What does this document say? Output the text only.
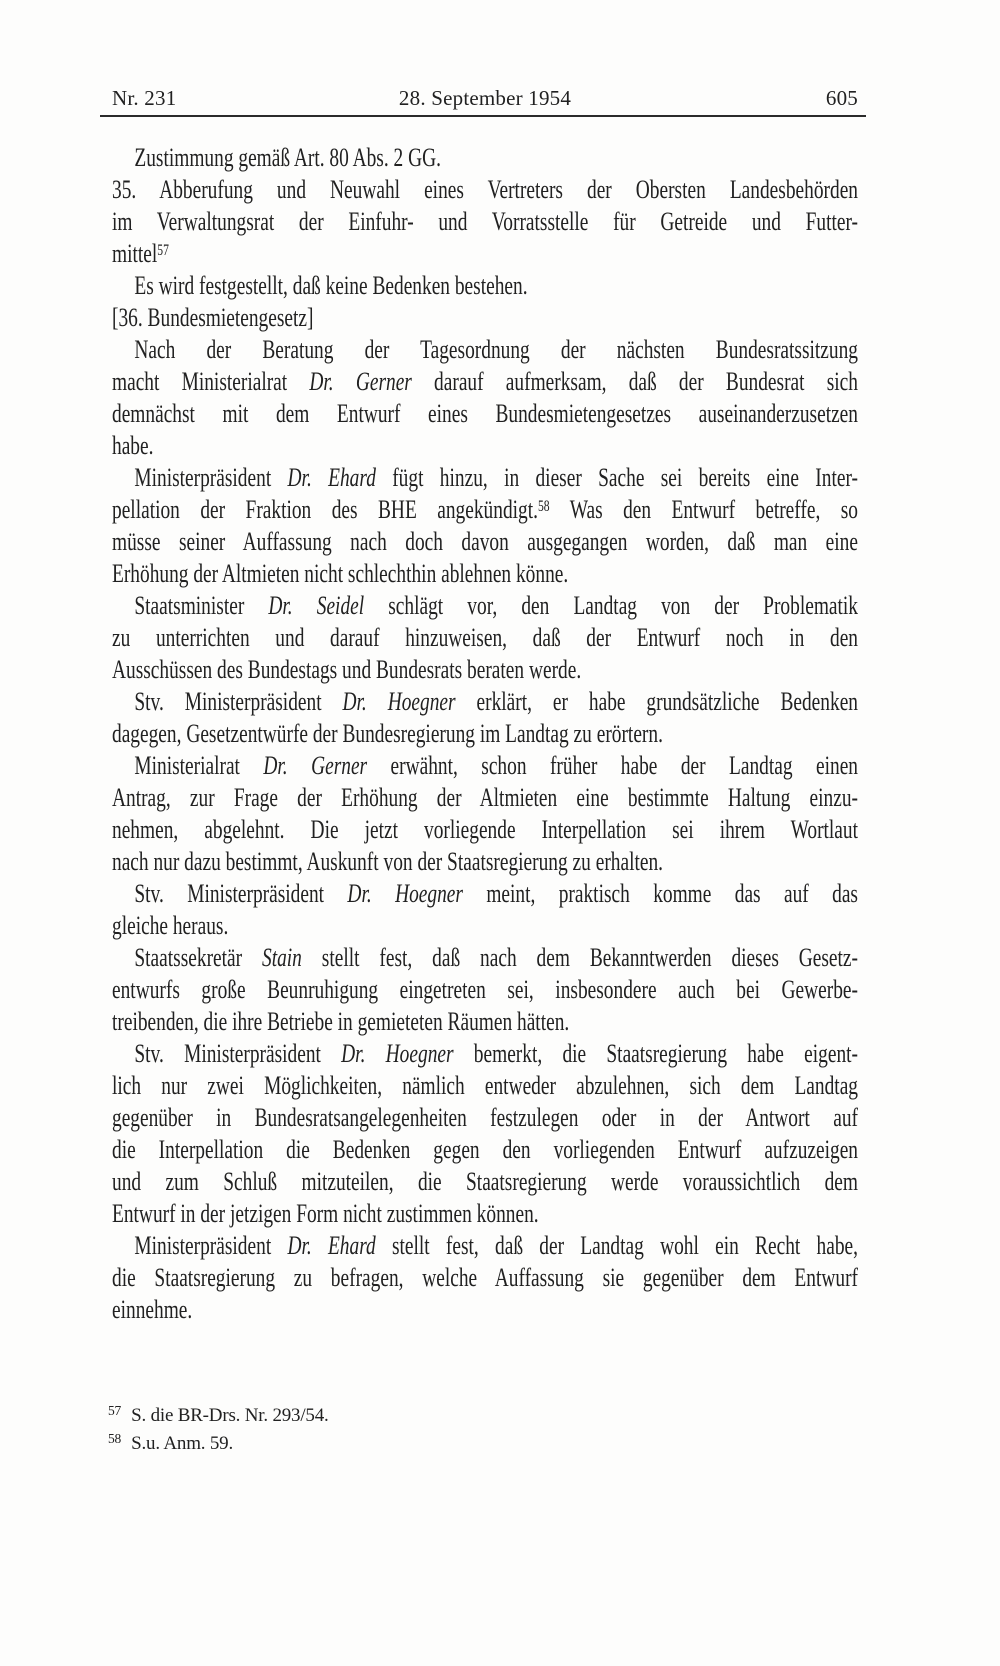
Nr. 231	28. September 1954	605
Zustimmung gemäß Art. 80 Abs. 2 GG.
35. Abberufung und Neuwahl eines Vertreters der Obersten Landesbehörden
im Verwaltungsrat der Einfuhr- und Vorratsstelle für Getreide und Futter-
mittel$^{57}$
Es wird festgestellt, daß keine Bedenken bestehen.
[36. Bundesmietengesetz]
Nach der Beratung der Tagesordnung der nächsten Bundesratssitzung
macht Ministerialrat Dr. Gerner darauf aufmerksam, daß der Bundesrat sich
demnächst mit dem Entwurf eines Bundesmietengesetzes auseinanderzusetzen
habe.
Ministerpräsident Dr. Ehard fügt hinzu, in dieser Sache sei bereits eine Inter-
pellation der Fraktion des BHE angekündigt.$^{58}$ Was den Entwurf betreffe, so
müsse seiner Auffassung nach doch davon ausgegangen worden, daß man eine
Erhöhung der Altmieten nicht schlechthin ablehnen könne.
Staatsminister Dr. Seidel schlägt vor, den Landtag von der Problematik
zu unterrichten und darauf hinzuweisen, daß der Entwurf noch in den
Ausschüssen des Bundestags und Bundesrats beraten werde.
Stv. Ministerpräsident Dr. Hoegner erklärt, er habe grundsätzliche Bedenken
dagegen, Gesetzentwürfe der Bundesregierung im Landtag zu erörtern.
Ministerialrat Dr. Gerner erwähnt, schon früher habe der Landtag einen
Antrag, zur Frage der Erhöhung der Altmieten eine bestimmte Haltung einzu-
nehmen, abgelehnt. Die jetzt vorliegende Interpellation sei ihrem Wortlaut
nach nur dazu bestimmt, Auskunft von der Staatsregierung zu erhalten.
Stv. Ministerpräsident Dr. Hoegner meint, praktisch komme das auf das
gleiche heraus.
Staatssekretär Stain stellt fest, daß nach dem Bekanntwerden dieses Gesetz-
entwurfs große Beunruhigung eingetreten sei, insbesondere auch bei Gewerbe-
treibenden, die ihre Betriebe in gemieteten Räumen hätten.
Stv. Ministerpräsident Dr. Hoegner bemerkt, die Staatsregierung habe eigent-
lich nur zwei Möglichkeiten, nämlich entweder abzulehnen, sich dem Landtag
gegenüber in Bundesratsangelegenheiten festzulegen oder in der Antwort auf
die Interpellation die Bedenken gegen den vorliegenden Entwurf aufzuzeigen
und zum Schluß mitzuteilen, die Staatsregierung werde voraussichtlich dem
Entwurf in der jetzigen Form nicht zustimmen können.
Ministerpräsident Dr. Ehard stellt fest, daß der Landtag wohl ein Recht habe,
die Staatsregierung zu befragen, welche Auffassung sie gegenüber dem Entwurf
einnehme.
$^{57}$ S. die BR-Drs. Nr. 293/54.
$^{58}$ S.u. Anm. 59.
